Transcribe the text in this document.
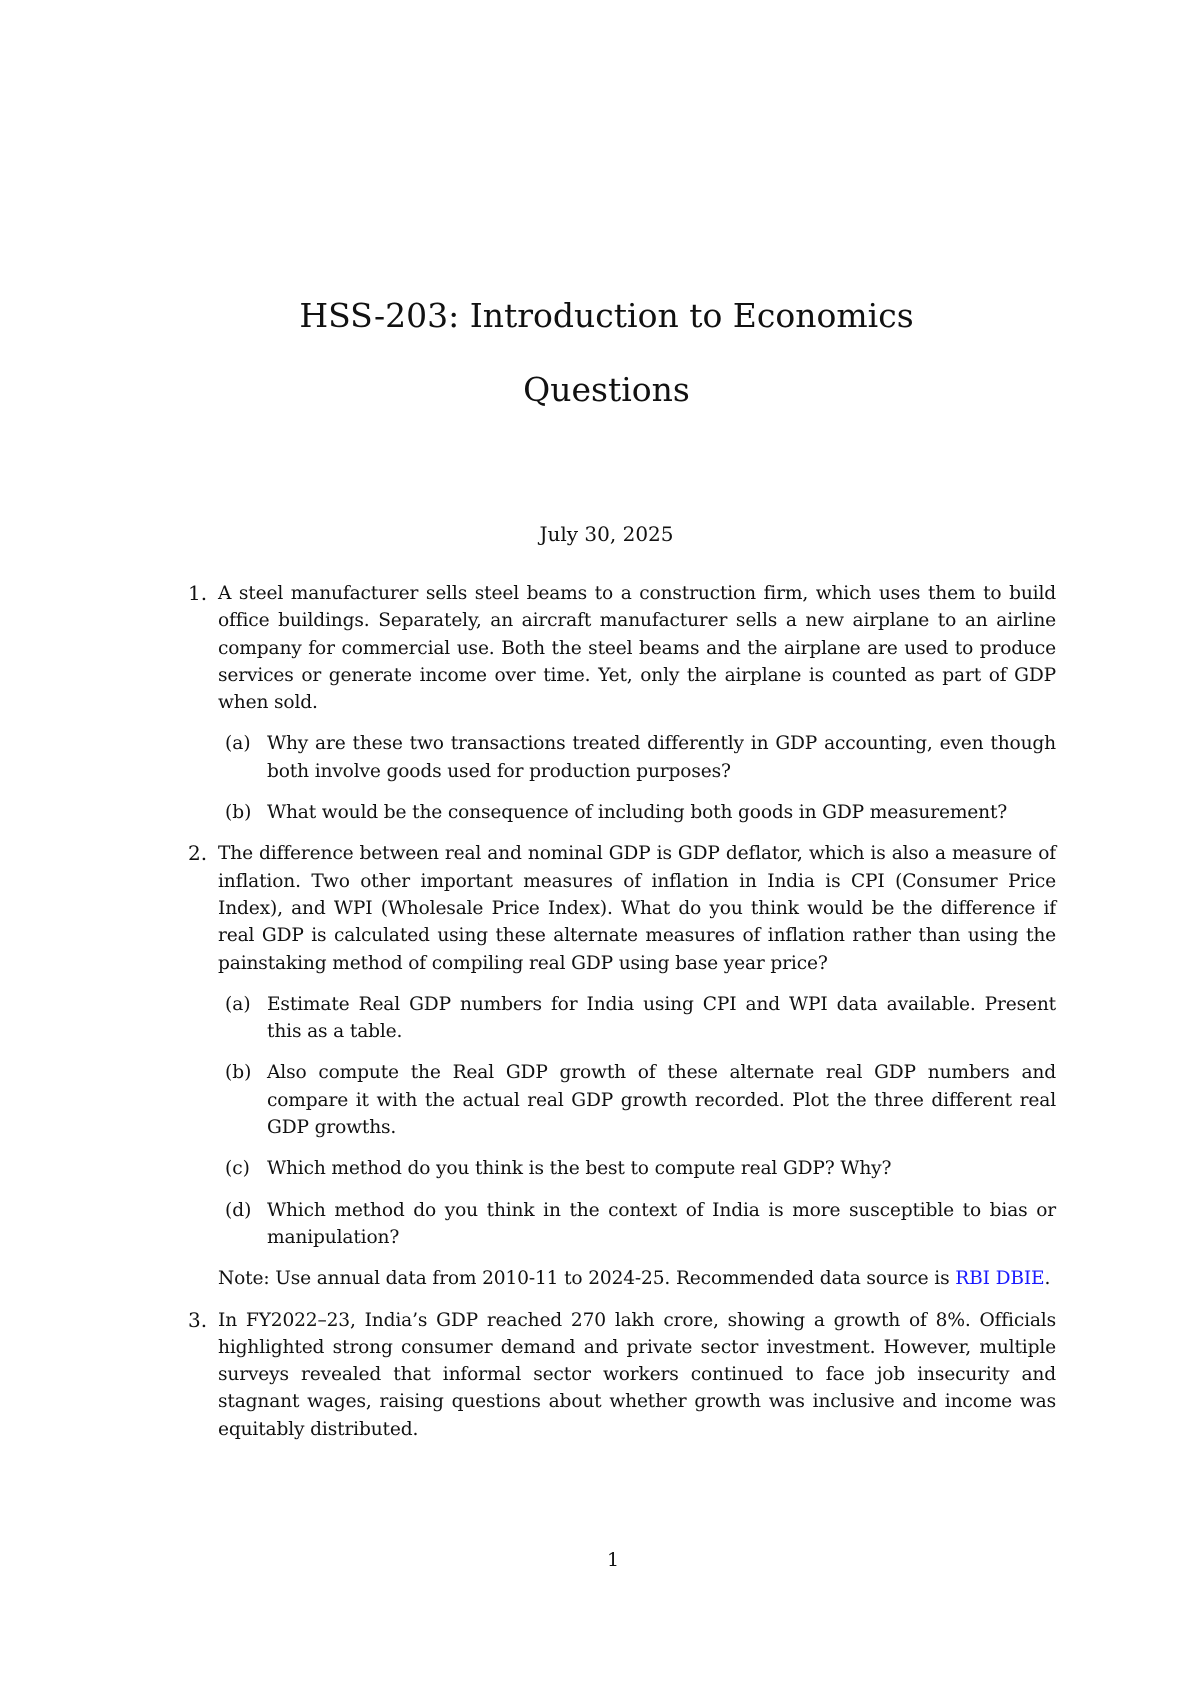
HSS-203: Introduction to Economics
Questions
July 30, 2025
1. A steel manufacturer sells steel beams to a construction firm, which uses them to build office buildings. Separately, an aircraft manufacturer sells a new airplane to an airline company for commercial use. Both the steel beams and the airplane are used to produce services or generate income over time. Yet, only the airplane is counted as part of GDP when sold.

(a) Why are these two transactions treated differently in GDP accounting, even though both involve goods used for production purposes?

(b) What would be the consequence of including both goods in GDP measurement?

2. The difference between real and nominal GDP is GDP deflator, which is also a measure of inflation. Two other important measures of inflation in India is CPI (Consumer Price Index), and WPI (Wholesale Price Index). What do you think would be the difference if real GDP is calculated using these alternate measures of inflation rather than using the painstaking method of compiling real GDP using base year price?

(a) Estimate Real GDP numbers for India using CPI and WPI data available. Present this as a table.

(b) Also compute the Real GDP growth of these alternate real GDP numbers and compare it with the actual real GDP growth recorded. Plot the three different real GDP growths.

(c) Which method do you think is the best to compute real GDP? Why?

(d) Which method do you think in the context of India is more susceptible to bias or manipulation?

Note: Use annual data from 2010-11 to 2024-25. Recommended data source is RBI DBIE.

3. In FY2022–23, India’s GDP reached 270 lakh crore, showing a growth of 8%. Officials highlighted strong consumer demand and private sector investment. However, multiple surveys revealed that informal sector workers continued to face job insecurity and stagnant wages, raising questions about whether growth was inclusive and income was equitably distributed.

1
